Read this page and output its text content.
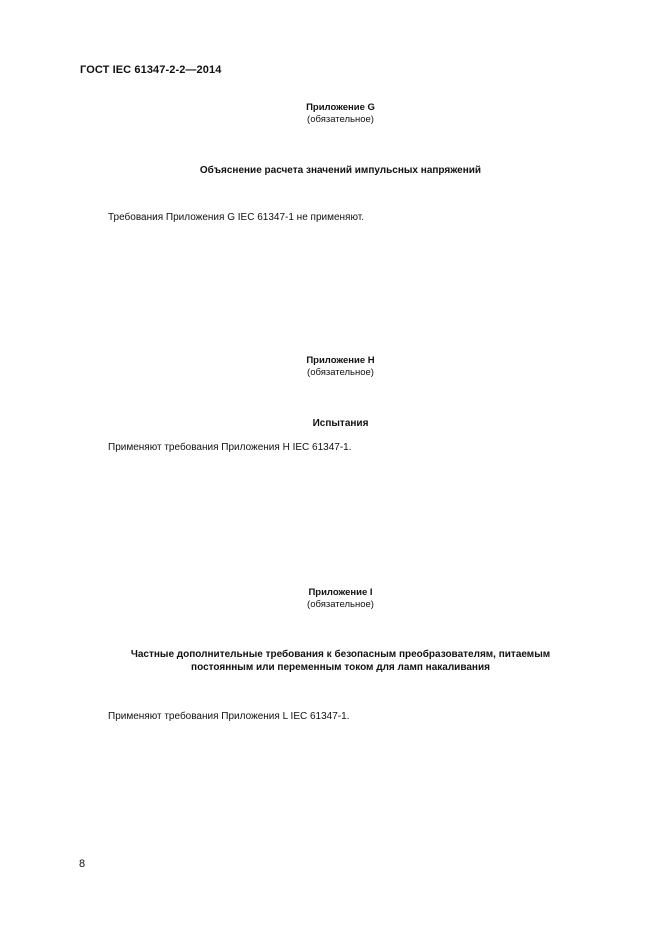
ГОСТ IEC 61347-2-2—2014
Приложение G
(обязательное)
Объяснение расчета значений импульсных напряжений
Требования Приложения G IEC 61347-1 не применяют.
Приложение H
(обязательное)
Испытания
Применяют требования Приложения H IEC 61347-1.
Приложение I
(обязательное)
Частные дополнительные требования к безопасным преобразователям, питаемым
постоянным или переменным током для ламп накаливания
Применяют требования Приложения L IEC 61347-1.
8
